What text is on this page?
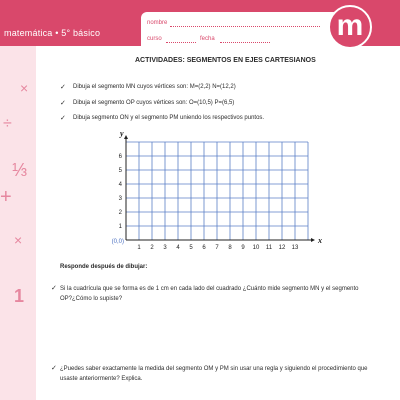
matemática • 5° básico
nombre
curso	fecha	m
×
÷
⅓
+
×
1
ACTIVIDADES: SEGMENTOS EN EJES CARTESIANOS
✓ Dibuja el segmento MN cuyos vértices son: M=(2,2) N=(12,2)
✓ Dibuja el segmento OP cuyos vértices son: O=(10,5) P=(6,5)
✓ Dibuja segmento ON y el segmento PM uniendo los respectivos puntos.
1 2 3 4 5 6 7 8 9 10 11 12 13
1
2
3
4
5
6
x
y
(0,0)
Responde después de dibujar:
✓ Si la cuadrícula que se forma es de 1 cm en cada lado del cuadrado ¿Cuánto mide segmento MN y el segmento OP?¿Cómo lo supiste?
✓ ¿Puedes saber exactamente la medida del segmento OM y PM sin usar una regla y siguiendo el procedimiento que usaste anteriormente? Explica.
